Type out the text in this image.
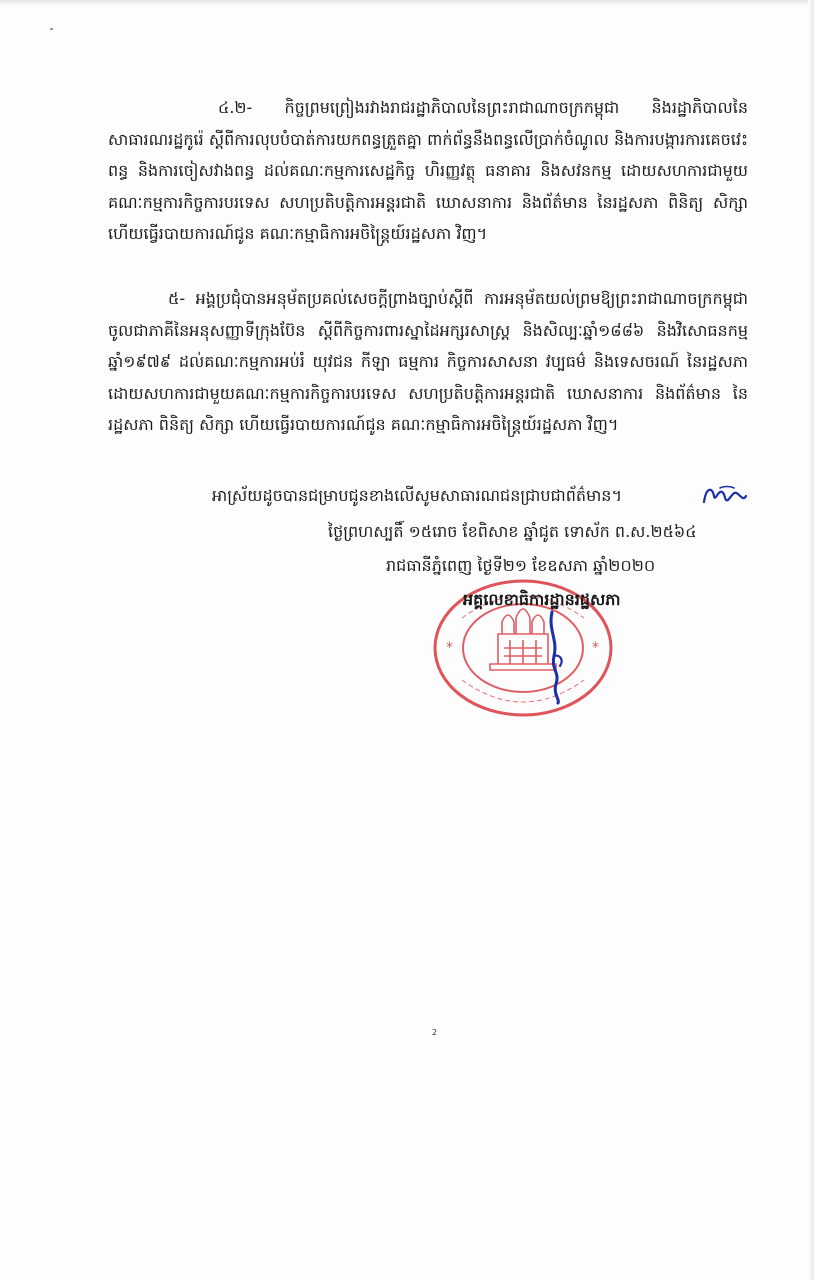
៤.២- កិច្ចព្រមព្រៀងរវាងរាជរដ្ឋាភិបាលនៃព្រះរាជាណាចក្រកម្ពុជា និងរដ្ឋាភិបាលនៃសាធារណរដ្ឋកូរ៉េ ស្តីពីការលុបបំបាត់ការយកពន្ធត្រួតគ្នា ពាក់ព័ន្ធនឹងពន្ធលើប្រាក់ចំណូល និងការបង្ការការគេចវេះពន្ធ និងការចៀសវាងពន្ធ ដល់គណៈកម្មការសេដ្ឋកិច្ច ហិរញ្ញវត្ថុ ធនាគារ និងសវនកម្ម ដោយសហការជាមួយគណៈកម្មការកិច្ចការបរទេស សហប្រតិបត្តិការអន្តរជាតិ ឃោសនាការ និងព័ត៌មាន នៃរដ្ឋសភា ពិនិត្យ សិក្សា ហើយធ្វើរបាយការណ៍ជូន គណៈកម្មាធិការអចិន្ត្រៃយ៍រដ្ឋសភា វិញ។

៥- អង្គប្រជុំបានអនុម័តប្រគល់សេចក្តីព្រាងច្បាប់ស្តីពី ការអនុម័តយល់ព្រមឱ្យព្រះរាជាណាចក្រកម្ពុជា ចូលជាភាគីនៃអនុសញ្ញាទីក្រុងប៊ែន ស្តីពីកិច្ចការពារស្នាដៃអក្សរសាស្ត្រ និងសិល្បៈឆ្នាំ១៨៨៦ និងវិសោធនកម្មឆ្នាំ១៩៧៩ ដល់គណៈកម្មការអប់រំ យុវជន កីឡា ធម្មការ កិច្ចការសាសនា វប្បធម៌ និងទេសចរណ៍ នៃរដ្ឋសភា ដោយសហការជាមួយគណៈកម្មការកិច្ចការបរទេស សហប្រតិបត្តិការអន្តរជាតិ ឃោសនាការ និងព័ត៌មាន នៃរដ្ឋសភា ពិនិត្យ សិក្សា ហើយធ្វើរបាយការណ៍ជូន គណៈកម្មាធិការអចិន្ត្រៃយ៍រដ្ឋសភា វិញ។

អាស្រ័យដូចបានជម្រាបជូនខាងលើសូមសាធារណជនជ្រាបជាព័ត៌មាន។
ថ្ងៃព្រហស្បតិ៍ ១៥រោច ខែពិសាខ ឆ្នាំជូត ទោស័ក ព.ស.២៥៦៤
រាជធានីភ្នំពេញ ថ្ងៃទី២១ ខែឧសភា ឆ្នាំ២០២០
*	*
អគ្គលេខាធិការដ្ឋានរដ្ឋសភា
2
